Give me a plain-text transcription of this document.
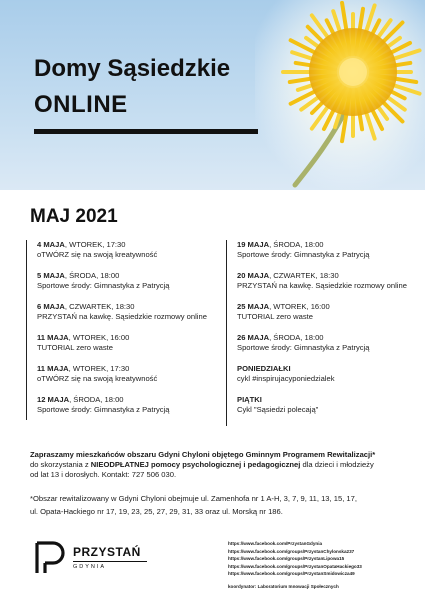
Domy Sąsiedzkie
ONLINE
MAJ 2021
4 MAJA, WTOREK, 17:30
oTWÓRZ się na swoją kreatywność
5 MAJA, ŚRODA, 18:00
Sportowe środy: Gimnastyka z Patrycją
6 MAJA, CZWARTEK, 18:30
PRZYSTAŃ na kawkę. Sąsiedzkie rozmowy online
11 MAJA, WTOREK, 16:00
TUTORIAL zero waste
11 MAJA, WTOREK, 17:30
oTWÓRZ się na swoją kreatywność
12 MAJA, ŚRODA, 18:00
Sportowe środy: Gimnastyka z Patrycją
19 MAJA, ŚRODA, 18:00
Sportowe środy: Gimnastyka z Patrycją
20 MAJA, CZWARTEK, 18:30
PRZYSTAŃ na kawkę. Sąsiedzkie rozmowy online
25 MAJA, WTOREK, 16:00
TUTORIAL zero waste
26 MAJA, ŚRODA, 18:00
Sportowe środy: Gimnastyka z Patrycją
PONIEDZIAŁKI
cykl #inspirujacyponiedzialek
PIĄTKI
Cykl "Sąsiedzi polecają"
Zapraszamy mieszkańców obszaru Gdyni Chyloni objętego Gminnym Programem Rewitalizacji*
do skorzystania z NIEODPŁATNEJ pomocy psychologicznej i pedagogicznej dla dzieci i młodzieży
od lat 13 i dorosłych. Kontakt: 727 506 030.
*Obszar rewitalizowany w Gdyni Chyloni obejmuje ul. Zamenhofa nr 1 A-H, 3, 7, 9, 11, 13, 15, 17,
ul. Opata-Hackiego nr 17, 19, 23, 25, 27, 29, 31, 33 oraz ul. Morską nr 186.
PRZYSTAŃ
GDYNIA
https://www.facebook.com/PrzystanGdynia
https://www.facebook.com/groups/PrzystanChylonska237
https://www.facebook.com/groups/PrzystanLipowa15
https://www.facebook.com/groups/PrzystanOpataHackiego33
https://www.facebook.com/groups/PrzystanSmidowicza49
koordynator: Laboratorium Innowacji Społecznych
